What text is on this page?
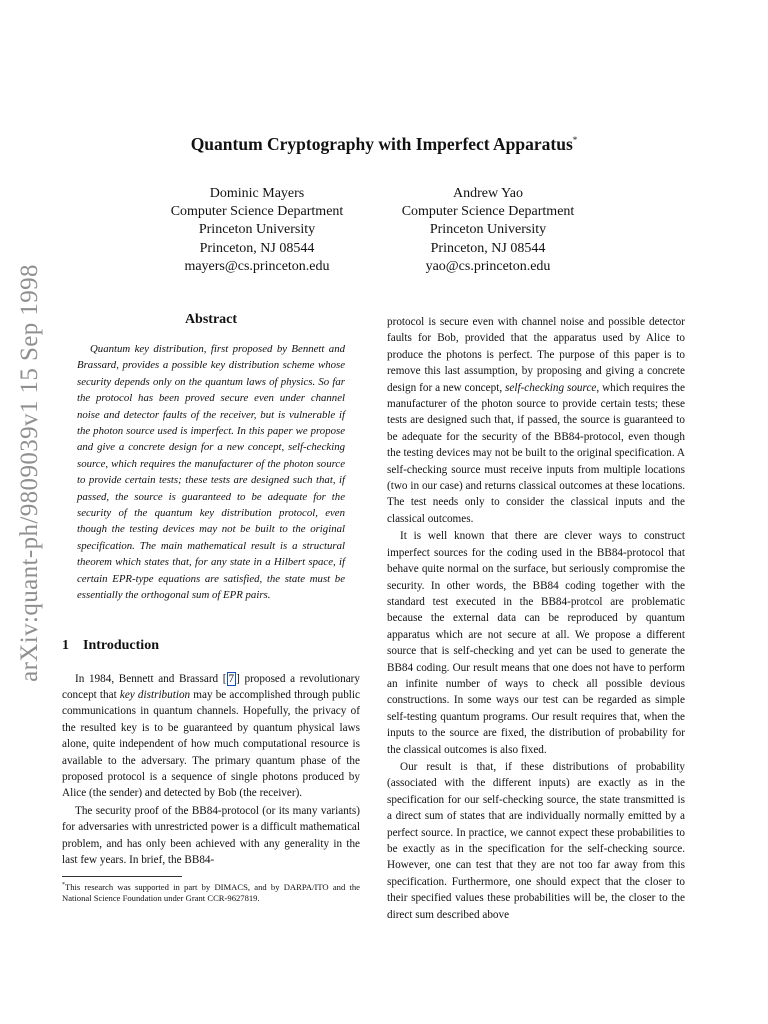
arXiv:quant-ph/9809039v1 15 Sep 1998
Quantum Cryptography with Imperfect Apparatus*
Dominic Mayers
Computer Science Department
Princeton University
Princeton, NJ 08544
mayers@cs.princeton.edu
Andrew Yao
Computer Science Department
Princeton University
Princeton, NJ 08544
yao@cs.princeton.edu
Abstract
Quantum key distribution, first proposed by Bennett and Brassard, provides a possible key distribution scheme whose security depends only on the quantum laws of physics. So far the protocol has been proved secure even under channel noise and detector faults of the receiver, but is vulnerable if the photon source used is imperfect. In this paper we propose and give a concrete design for a new concept, self-checking source, which requires the manufacturer of the photon source to provide certain tests; these tests are designed such that, if passed, the source is guaranteed to be adequate for the security of the quantum key distribution protocol, even though the testing devices may not be built to the original specification. The main mathematical result is a structural theorem which states that, for any state in a Hilbert space, if certain EPR-type equations are satisfied, the state must be essentially the orthogonal sum of EPR pairs.
1 Introduction

In 1984, Bennett and Brassard [ 7 ] proposed a revolutionary concept that key distribution may be accomplished through public communications in quantum channels. Hopefully, the privacy of the resulted key is to be guaranteed by quantum physical laws alone, quite independent of how much computational resource is available to the adversary. The primary quantum phase of the proposed protocol is a sequence of single photons produced by Alice (the sender) and detected by Bob (the receiver).

The security proof of the BB84-protocol (or its many variants) for adversaries with unrestricted power is a difficult mathematical problem, and has only been achieved with any generality in the last few years. In brief, the BB84-

*This research was supported in part by DIMACS, and by DARPA/ITO and the National Science Foundation under Grant CCR-9627819.

protocol is secure even with channel noise and possible detector faults for Bob, provided that the apparatus used by Alice to produce the photons is perfect. The purpose of this paper is to remove this last assumption, by proposing and giving a concrete design for a new concept, self-checking source, which requires the manufacturer of the photon source to provide certain tests; these tests are designed such that, if passed, the source is guaranteed to be adequate for the security of the BB84-protocol, even though the testing devices may not be built to the original specification. A self-checking source must receive inputs from multiple locations (two in our case) and returns classical outcomes at these locations. The test needs only to consider the classical inputs and the classical outcomes.

It is well known that there are clever ways to construct imperfect sources for the coding used in the BB84-protocol that behave quite normal on the surface, but seriously compromise the security. In other words, the BB84 coding together with the standard test executed in the BB84-protcol are problematic because the external data can be reproduced by quantum apparatus which are not secure at all. We propose a different source that is self-checking and yet can be used to generate the BB84 coding. Our result means that one does not have to perform an infinite number of ways to check all possible devious constructions. In some ways our test can be regarded as simple self-testing quantum programs. Our result requires that, when the inputs to the source are fixed, the distribution of probability for the classical outcomes is also fixed.

Our result is that, if these distributions of probability (associated with the different inputs) are exactly as in the specification for our self-checking source, the state transmitted is a direct sum of states that are individually normally emitted by a perfect source. In practice, we cannot expect these probabilities to be exactly as in the specification for the self-checking source. However, one can test that they are not too far away from this specification. Furthermore, one should expect that the closer to their specified values these probabilities will be, the closer to the direct sum described above
